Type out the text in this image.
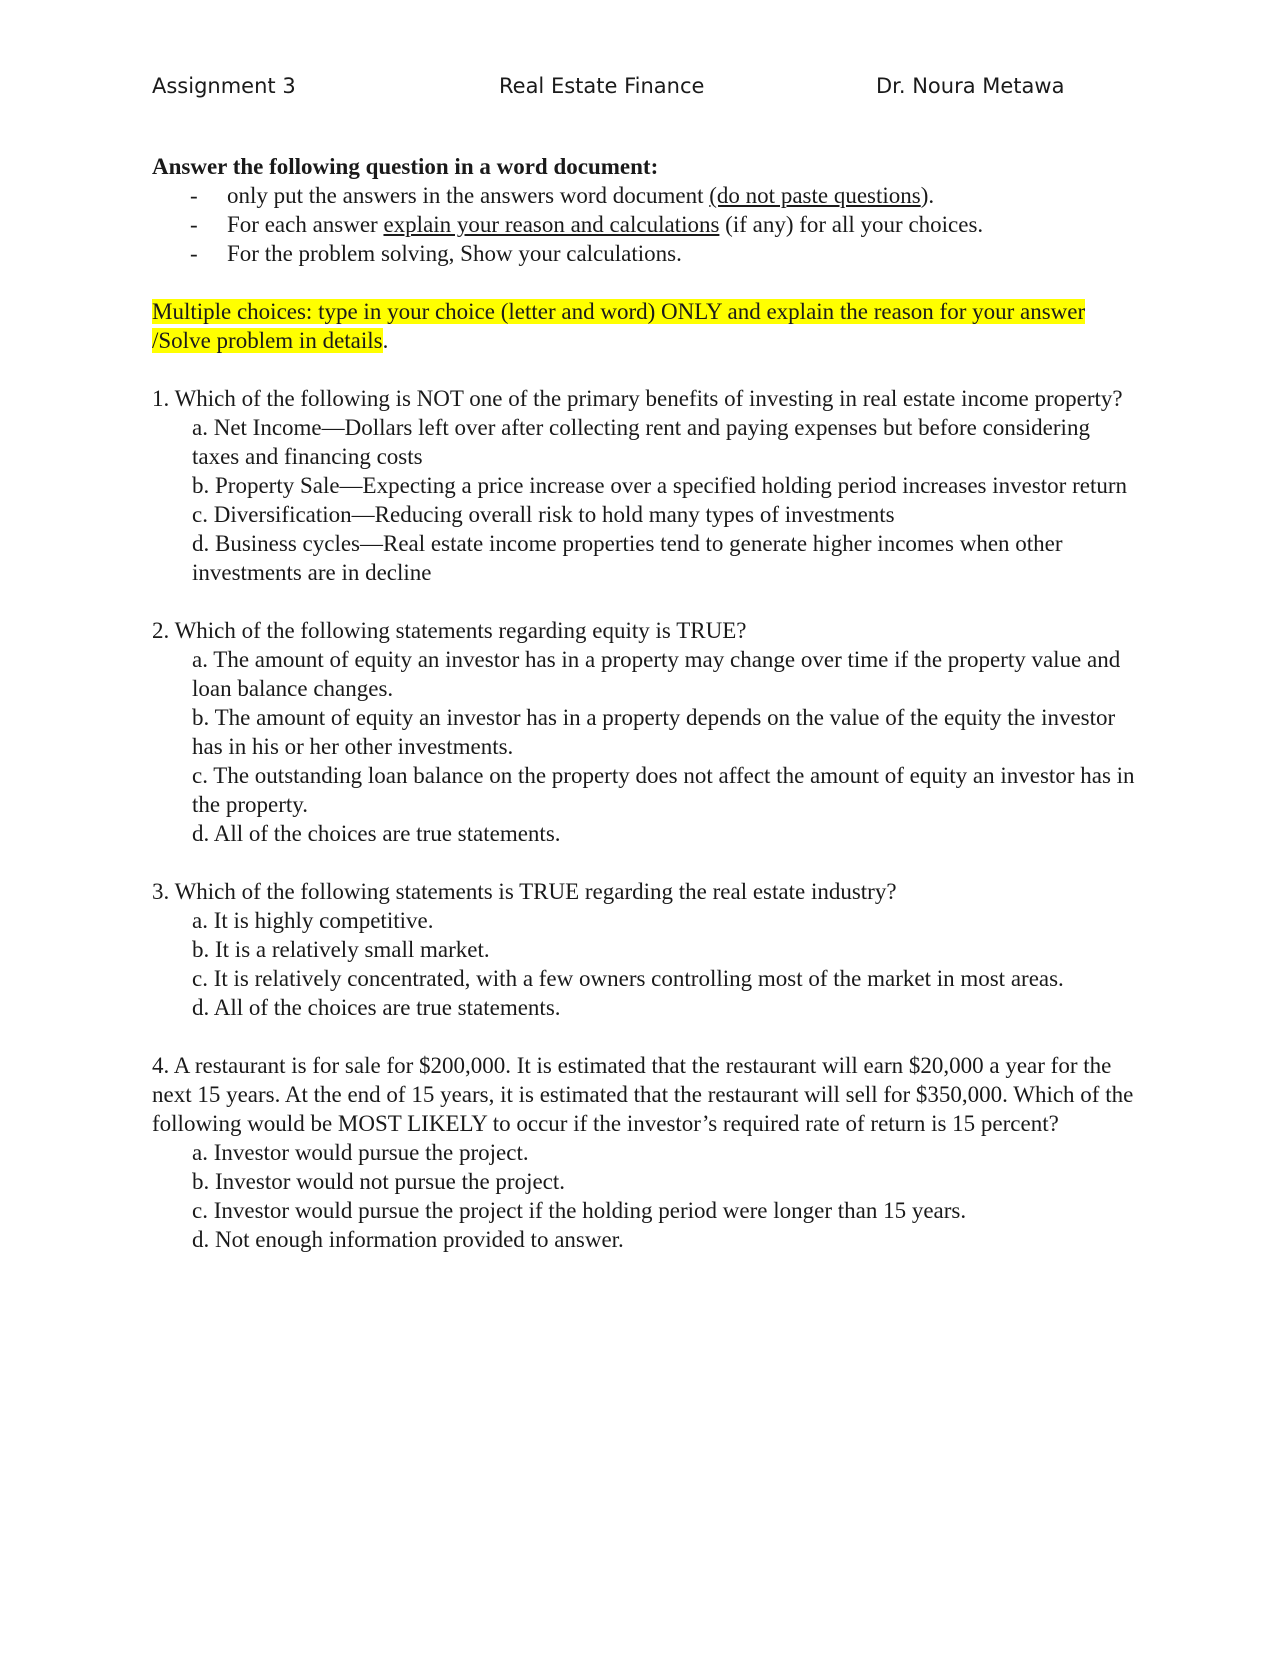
Assignment 3	Real Estate Finance	Dr. Noura Metawa

Answer the following question in a word document:

- only put the answers in the answers word document (do not paste questions).
- For each answer explain your reason and calculations (if any) for all your choices.
- For the problem solving, Show your calculations.

Multiple choices: type in your choice (letter and word) ONLY and explain the reason for your answer /Solve problem in details.

1. Which of the following is NOT one of the primary benefits of investing in real estate income property?

a. Net Income—Dollars left over after collecting rent and paying expenses but before considering taxes and financing costs
b. Property Sale—Expecting a price increase over a specified holding period increases investor return
c. Diversification—Reducing overall risk to hold many types of investments
d. Business cycles—Real estate income properties tend to generate higher incomes when other investments are in decline

2. Which of the following statements regarding equity is TRUE?

a. The amount of equity an investor has in a property may change over time if the property value and loan balance changes.
b. The amount of equity an investor has in a property depends on the value of the equity the investor has in his or her other investments.
c. The outstanding loan balance on the property does not affect the amount of equity an investor has in the property.
d. All of the choices are true statements.

3. Which of the following statements is TRUE regarding the real estate industry?

a. It is highly competitive.
b. It is a relatively small market.
c. It is relatively concentrated, with a few owners controlling most of the market in most areas.
d. All of the choices are true statements.

4. A restaurant is for sale for $200,000. It is estimated that the restaurant will earn $20,000 a year for the next 15 years. At the end of 15 years, it is estimated that the restaurant will sell for $350,000. Which of the following would be MOST LIKELY to occur if the investor’s required rate of return is 15 percent?

a. Investor would pursue the project.
b. Investor would not pursue the project.
c. Investor would pursue the project if the holding period were longer than 15 years.
d. Not enough information provided to answer.
